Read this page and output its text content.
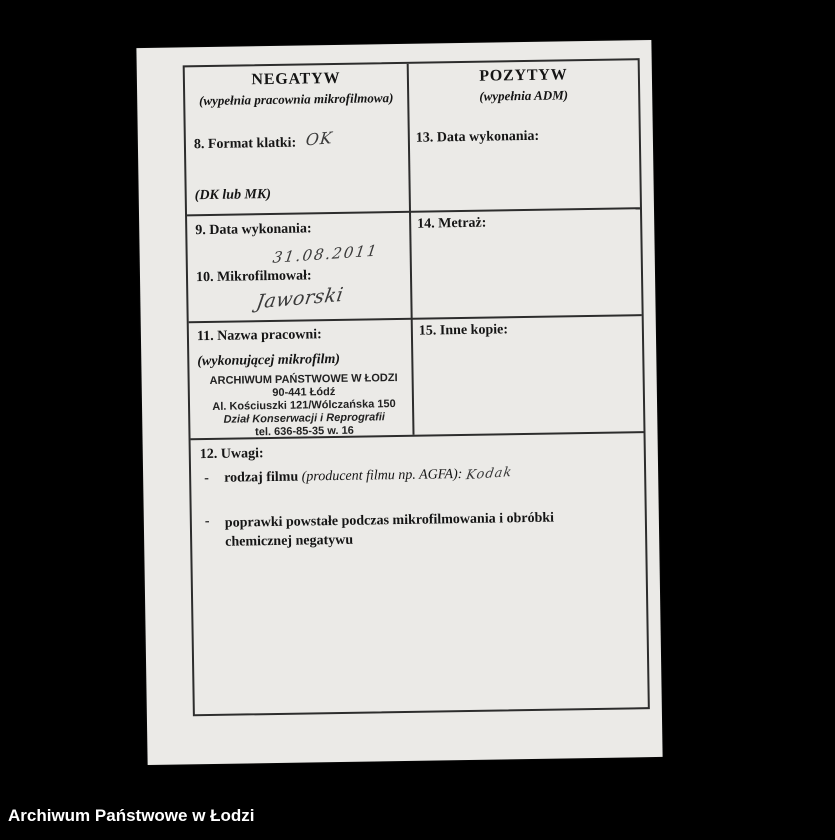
NEGATYW
(wypełnia pracownia mikrofilmowa)
POZYTYW
(wypełnia ADM)
8. Format klatki: OK
(DK lub MK)
13. Data wykonania:
9. Data wykonania:
31.08.2011
10. Mikrofilmował:
Jaworski
14. Metraż:
11. Nazwa pracowni:
(wykonującej mikrofilm)
ARCHIWUM PAŃSTWOWE W ŁODZI
90-441 Łódź
Al. Kościuszki 121/Wólczańska 150
Dział Konserwacji i Reprografii
tel. 636-85-35 w. 16
15. Inne kopie:
12. Uwagi:
- rodzaj filmu (producent filmu np. AGFA): Kodak
- poprawki powstałe podczas mikrofilmowania i obróbki chemicznej negatywu
Archiwum Państwowe w Łodzi
